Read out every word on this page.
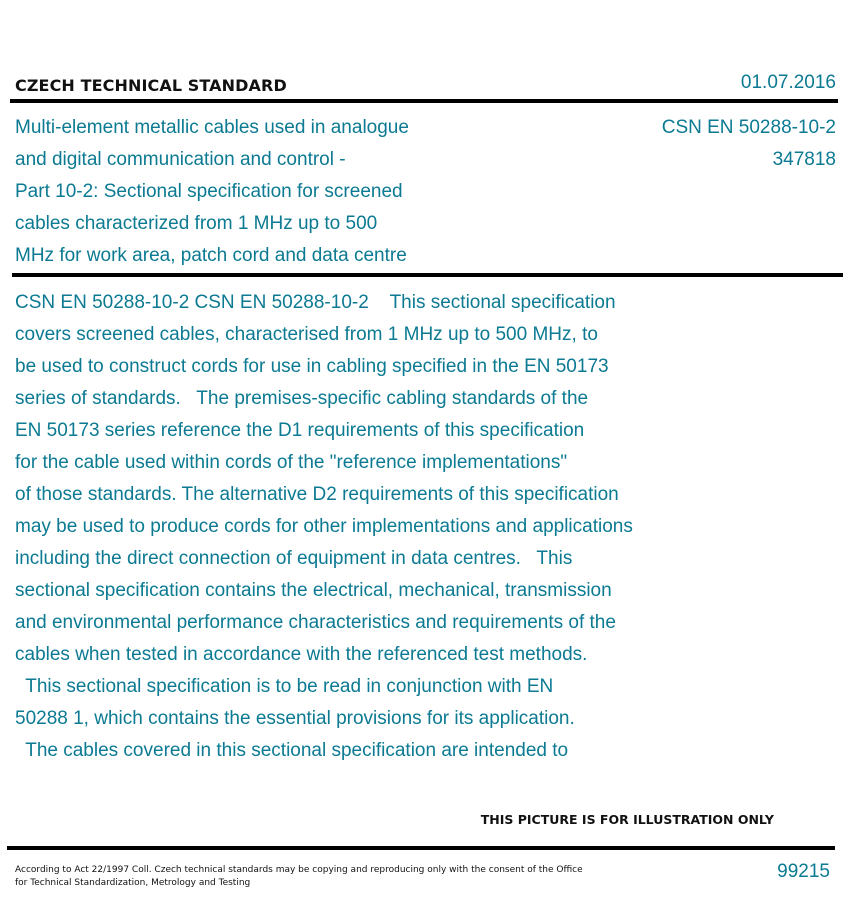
CZECH TECHNICAL STANDARD	01.07.2016
Multi-element metallic cables used in analogue
and digital communication and control -
Part 10-2: Sectional specification for screened
cables characterized from 1 MHz up to 500
MHz for work area, patch cord and data centre
CSN EN 50288-10-2
347818
CSN EN 50288-10-2 CSN EN 50288-10-2    This sectional specification
covers screened cables, characterised from 1 MHz up to 500 MHz, to
be used to construct cords for use in cabling specified in the EN 50173
series of standards.   The premises-specific cabling standards of the
EN 50173 series reference the D1 requirements of this specification
for the cable used within cords of the "reference implementations"
of those standards. The alternative D2 requirements of this specification
may be used to produce cords for other implementations and applications
including the direct connection of equipment in data centres.   This
sectional specification contains the electrical, mechanical, transmission
and environmental performance characteristics and requirements of the
cables when tested in accordance with the referenced test methods.
This sectional specification is to be read in conjunction with EN
50288 1, which contains the essential provisions for its application.
The cables covered in this sectional specification are intended to
THIS PICTURE IS FOR ILLUSTRATION ONLY
According to Act 22/1997 Coll. Czech technical standards may be copying and reproducing only with the consent of the Office
for Technical Standardization, Metrology and Testing
99215
